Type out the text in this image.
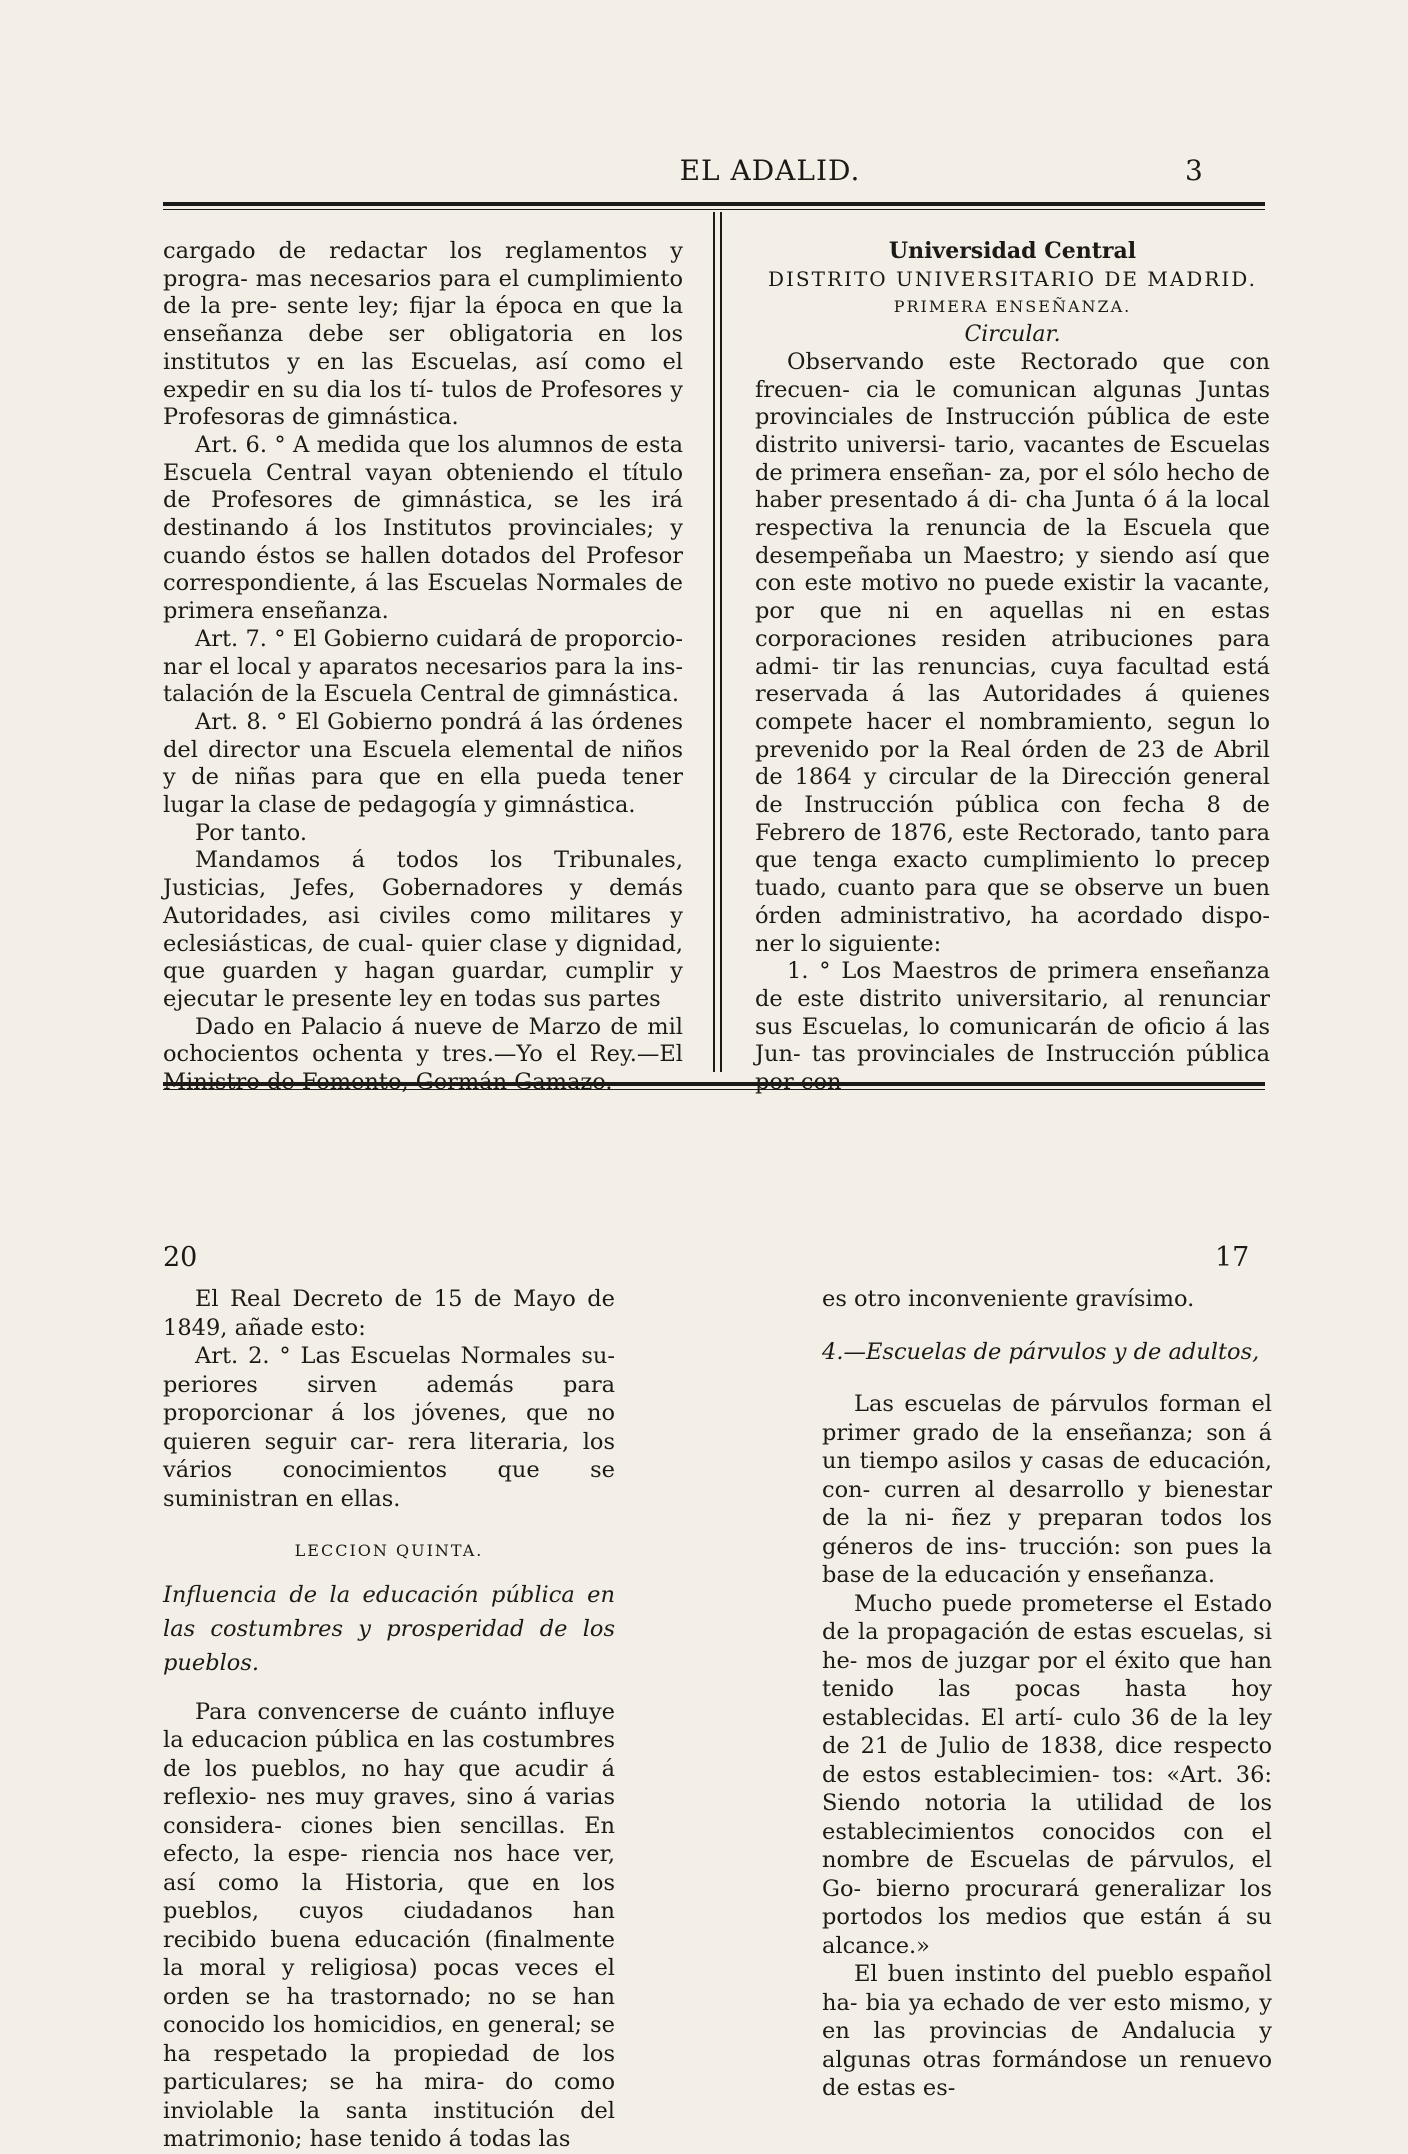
EL ADALID.	3

cargado de redactar los reglamentos y progra- mas necesarios para el cumplimiento de la pre- sente ley; fijar la época en que la enseñanza debe ser obligatoria en los institutos y en las Escuelas, así como el expedir en su dia los tí- tulos de Profesores y Profesoras de gimnástica.

Art. 6. ° A medida que los alumnos de esta Escuela Central vayan obteniendo el título de Profesores de gimnástica, se les irá destinando á los Institutos provinciales; y cuando éstos se hallen dotados del Profesor correspondiente, á las Escuelas Normales de primera enseñanza.

Art. 7. ° El Gobierno cuidará de proporcio- nar el local y aparatos necesarios para la ins- talación de la Escuela Central de gimnástica.

Art. 8. ° El Gobierno pondrá á las órdenes del director una Escuela elemental de niños y de niñas para que en ella pueda tener lugar la clase de pedagogía y gimnástica.

Por tanto.

Mandamos á todos los Tribunales, Justicias, Jefes, Gobernadores y demás Autoridades, asi civiles como militares y eclesiásticas, de cual- quier clase y dignidad, que guarden y hagan guardar, cumplir y ejecutar le presente ley en todas sus partes

Dado en Palacio á nueve de Marzo de mil ochocientos ochenta y tres.—Yo el Rey.—El Ministro de Fomento, Germán Gamazo.

Universidad Central

DISTRITO UNIVERSITARIO DE MADRID.

PRIMERA ENSEÑANZA.

Circular.

Observando este Rectorado que con frecuen- cia le comunican algunas Juntas provinciales de Instrucción pública de este distrito universi- tario, vacantes de Escuelas de primera enseñan- za, por el sólo hecho de haber presentado á di- cha Junta ó á la local respectiva la renuncia de la Escuela que desempeñaba un Maestro; y siendo así que con este motivo no puede existir la vacante, por que ni en aquellas ni en estas corporaciones residen atribuciones para admi- tir las renuncias, cuya facultad está reservada á las Autoridades á quienes compete hacer el nombramiento, segun lo prevenido por la Real órden de 23 de Abril de 1864 y circular de la Dirección general de Instrucción pública con fecha 8 de Febrero de 1876, este Rectorado, tanto para que tenga exacto cumplimiento lo precep tuado, cuanto para que se observe un buen órden administrativo, ha acordado dispo- ner lo siguiente:

1. ° Los Maestros de primera enseñanza de este distrito universitario, al renunciar sus Escuelas, lo comunicarán de oficio á las Jun- tas provinciales de Instrucción pública por con-

20	17

El Real Decreto de 15 de Mayo de 1849, añade esto:

Art. 2. ° Las Escuelas Normales su- periores sirven además para proporcionar á los jóvenes, que no quieren seguir car- rera literaria, los vários conocimientos que se suministran en ellas.

LECCION QUINTA.

Influencia de la educación pública en las costumbres y prosperidad de los pueblos.

Para convencerse de cuánto influye la educacion pública en las costumbres de los pueblos, no hay que acudir á reflexio- nes muy graves, sino á varias considera- ciones bien sencillas. En efecto, la espe- riencia nos hace ver, así como la Historia, que en los pueblos, cuyos ciudadanos han recibido buena educación (finalmente la moral y religiosa) pocas veces el orden se ha trastornado; no se han conocido los homicidios, en general; se ha respetado la propiedad de los particulares; se ha mira- do como inviolable la santa institución del matrimonio; hase tenido á todas las

es otro inconveniente gravísimo.

4.—Escuelas de párvulos y de adultos,

Las escuelas de párvulos forman el primer grado de la enseñanza; son á un tiempo asilos y casas de educación, con- curren al desarrollo y bienestar de la ni- ñez y preparan todos los géneros de ins- trucción: son pues la base de la educación y enseñanza.

Mucho puede prometerse el Estado de la propagación de estas escuelas, si he- mos de juzgar por el éxito que han tenido las pocas hasta hoy establecidas. El artí- culo 36 de la ley de 21 de Julio de 1838, dice respecto de estos establecimien- tos: «Art. 36: Siendo notoria la utilidad de los establecimientos conocidos con el nombre de Escuelas de párvulos, el Go- bierno procurará generalizar los portodos los medios que están á su alcance.»

El buen instinto del pueblo español ha- bia ya echado de ver esto mismo, y en las provincias de Andalucia y algunas otras formándose un renuevo de estas es-
